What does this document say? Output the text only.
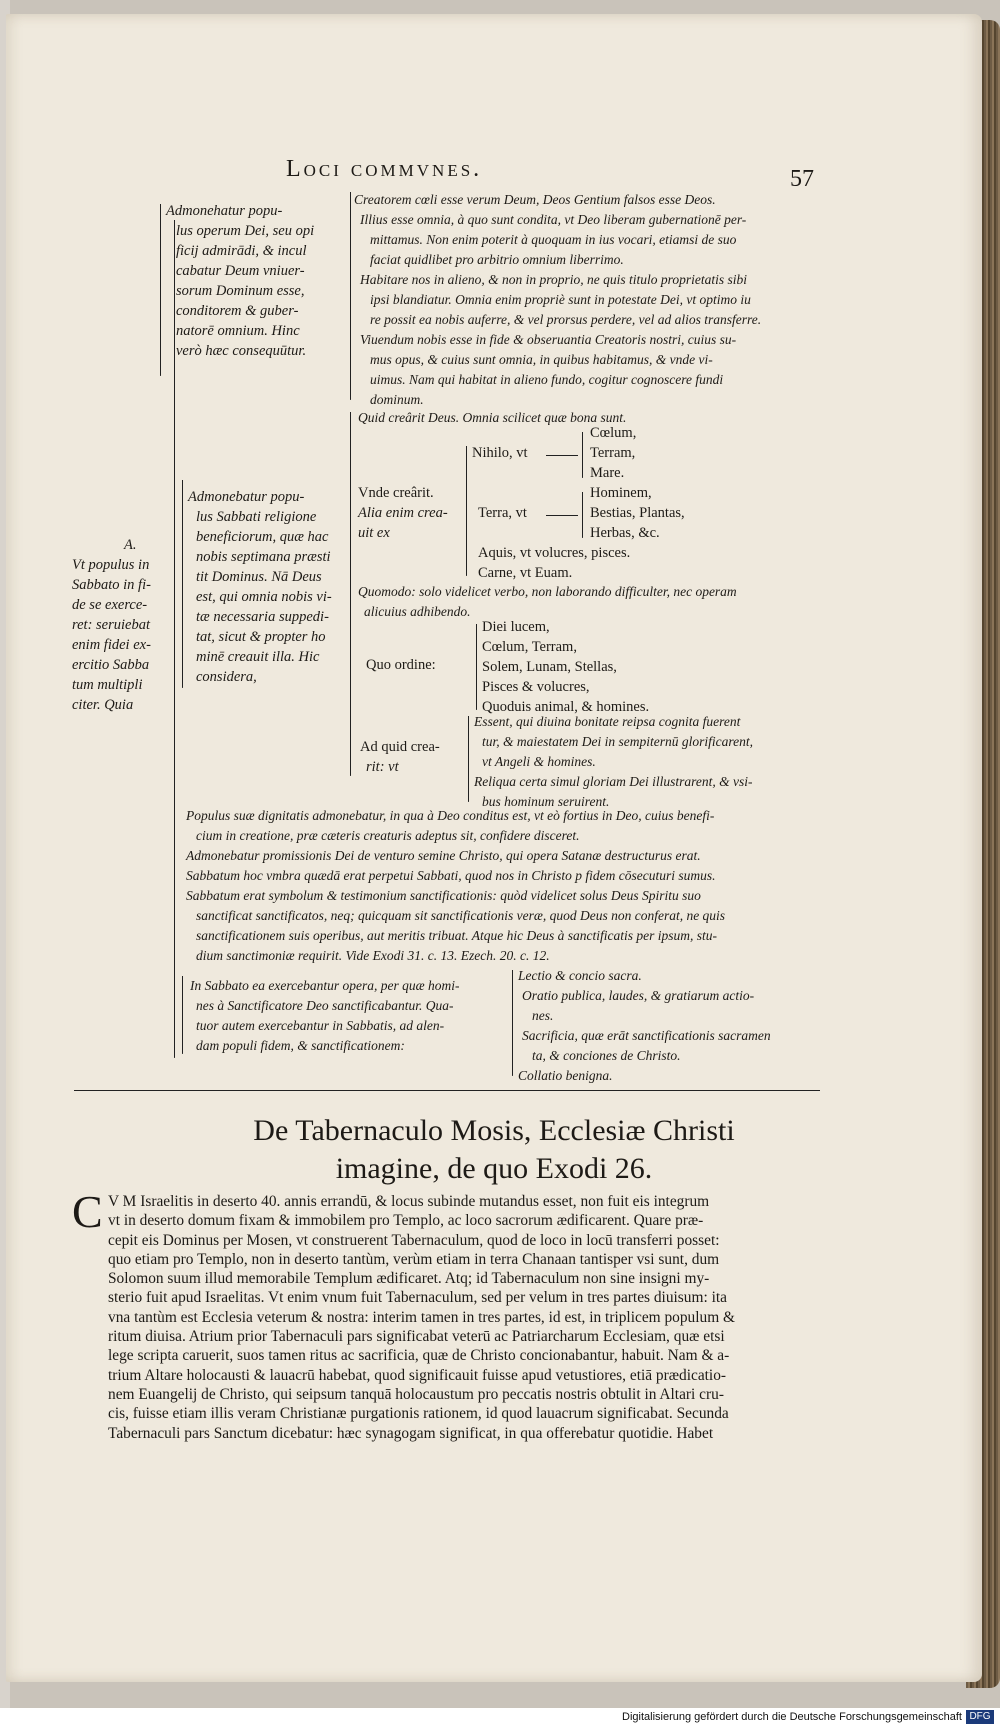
Loci commvnes.	57
Admonehatur popu-
lus operum Dei, seu opi
ficij admirādi, & incul
cabatur Deum vniuer-
sorum Dominum esse,
conditorem & guber-
natorē omnium. Hinc
verò hæc consequūtur.
Creatorem cœli esse verum Deum, Deos Gentium falsos esse Deos.
Illius esse omnia, à quo sunt condita, vt Deo liberam gubernationē per-
mittamus. Non enim poterit à quoquam in ius vocari, etiamsi de suo
faciat quidlibet pro arbitrio omnium liberrimo.
Habitare nos in alieno, & non in proprio, ne quis titulo proprietatis sibi
ipsi blandiatur. Omnia enim propriè sunt in potestate Dei, vt optimo iu
re possit ea nobis auferre, & vel prorsus perdere, vel ad alios transferre.
Viuendum nobis esse in fide & obseruantia Creatoris nostri, cuius su-
mus opus, & cuius sunt omnia, in quibus habitamus, & vnde vi-
uimus. Nam qui habitat in alieno fundo, cogitur cognoscere fundi
dominum.
A.
Vt populus in
Sabbato in fi-
de se exerce-
ret: seruiebat
enim fidei ex-
ercitio Sabba
tum multipli
citer. Quia
Admonebatur popu-
lus Sabbati religione
beneficiorum, quæ hac
nobis septimana præsti
tit Dominus. Nā Deus
est, qui omnia nobis vi-
tæ necessaria suppedi-
tat, sicut & propter ho
minē creauit illa. Hic
considera,
Quid creârit Deus. Omnia scilicet quæ bona sunt.
Vnde creârit.
Alia enim crea-
uit ex
Nihilo, vt
Cœlum,
Terram,
Mare.
Terra, vt
Hominem,
Bestias, Plantas,
Herbas, &c.
Aquis, vt volucres, pisces.
Carne, vt Euam.
Quomodo: solo videlicet verbo, non laborando difficulter, nec operam
alicuius adhibendo.
Quo ordine:
Diei lucem,
Cœlum, Terram,
Solem, Lunam, Stellas,
Pisces & volucres,
Quoduis animal, & homines.
Ad quid crea-
rit: vt
Essent, qui diuina bonitate reipsa cognita fuerent
tur, & maiestatem Dei in sempiternū glorificarent,
vt Angeli & homines.
Reliqua certa simul gloriam Dei illustrarent, & vsi-
bus hominum seruirent.
Populus suæ dignitatis admonebatur, in qua à Deo conditus est, vt eò fortius in Deo, cuius benefi-
cium in creatione, præ cæteris creaturis adeptus sit, confidere disceret.
Admonebatur promissionis Dei de venturo semine Christo, qui opera Satanæ destructurus erat.
Sabbatum hoc vmbra quædā erat perpetui Sabbati, quod nos in Christo p fidem cōsecuturi sumus.
Sabbatum erat symbolum & testimonium sanctificationis: quòd videlicet solus Deus Spiritu suo
sanctificat sanctificatos, neq; quicquam sit sanctificationis veræ, quod Deus non conferat, ne quis
sanctificationem suis operibus, aut meritis tribuat. Atque hic Deus à sanctificatis per ipsum, stu-
dium sanctimoniæ requirit. Vide Exodi 31. c. 13. Ezech. 20. c. 12.
In Sabbato ea exercebantur opera, per quæ homi-
nes à Sanctificatore Deo sanctificabantur. Qua-
tuor autem exercebantur in Sabbatis, ad alen-
dam populi fidem, & sanctificationem:
Lectio & concio sacra.
Oratio publica, laudes, & gratiarum actio-
nes.
Sacrificia, quæ erāt sanctificationis sacramen
ta, & conciones de Christo.
Collatio benigna.
De Tabernaculo Mosis, Ecclesiæ Christi
imagine, de quo Exodi 26.
C V M Israelitis in deserto 40. annis errandū, & locus subinde mutandus esset, non fuit eis integrum
vt in deserto domum fixam & immobilem pro Templo, ac loco sacrorum ædificarent. Quare præ-
cepit eis Dominus per Mosen, vt construerent Tabernaculum, quod de loco in locū transferri posset:
quo etiam pro Templo, non in deserto tantùm, verùm etiam in terra Chanaan tantisper vsi sunt, dum
Solomon suum illud memorabile Templum ædificaret. Atq; id Tabernaculum non sine insigni my-
sterio fuit apud Israelitas. Vt enim vnum fuit Tabernaculum, sed per velum in tres partes diuisum: ita
vna tantùm est Ecclesia veterum & nostra: interim tamen in tres partes, id est, in triplicem populum &
ritum diuisa. Atrium prior Tabernaculi pars significabat veterū ac Patriarcharum Ecclesiam, quæ etsi
lege scripta caruerit, suos tamen ritus ac sacrificia, quæ de Christo concionabantur, habuit. Nam & a-
trium Altare holocausti & lauacrū habebat, quod significauit fuisse apud vetustiores, etiā prædicatio-
nem Euangelij de Christo, qui seipsum tanquā holocaustum pro peccatis nostris obtulit in Altari cru-
cis, fuisse etiam illis veram Christianæ purgationis rationem, id quod lauacrum significabat. Secunda
Tabernaculi pars Sanctum dicebatur: hæc synagogam significat, in qua offerebatur quotidie. Habet
Digitalisierung gefördert durch die Deutsche Forschungsgemeinschaft DFG
